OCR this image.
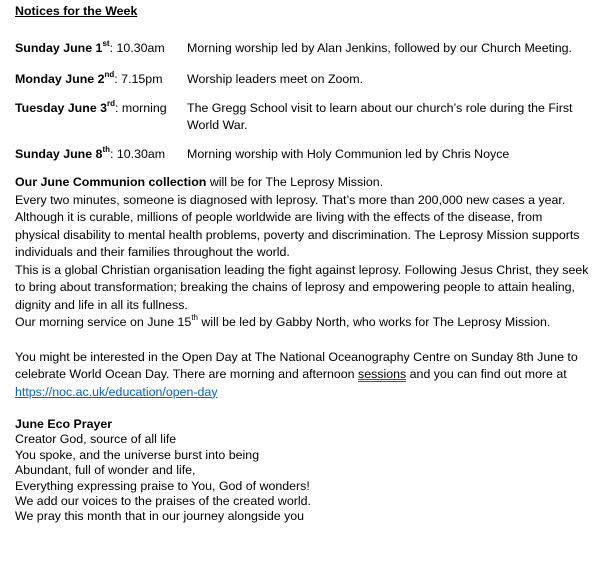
Notices for the Week

Sunday June 1st: 10.30am	Morning worship led by Alan Jenkins, followed by our Church Meeting.
Monday June 2nd: 7.15pm	Worship leaders meet on Zoom.
Tuesday June 3rd: morning	The Gregg School visit to learn about our church’s role during the First World War.
Sunday June 8th: 10.30am	Morning worship with Holy Communion led by Chris Noyce

Our June Communion collection will be for The Leprosy Mission.

Every two minutes, someone is diagnosed with leprosy. That’s more than 200,000 new cases a year. Although it is curable, millions of people worldwide are living with the effects of the disease, from physical disability to mental health problems, poverty and discrimination. The Leprosy Mission supports individuals and their families throughout the world.

This is a global Christian organisation leading the fight against leprosy. Following Jesus Christ, they seek to bring about transformation; breaking the chains of leprosy and empowering people to attain healing, dignity and life in all its fullness.

Our morning service on June 15th will be led by Gabby North, who works for The Leprosy Mission.

You might be interested in the Open Day at The National Oceanography Centre on Sunday 8th June to celebrate World Ocean Day. There are morning and afternoon sessions and you can find out more at https://noc.ac.uk/education/open-day

June Eco Prayer

Creator God, source of all life

You spoke, and the universe burst into being

Abundant, full of wonder and life,

Everything expressing praise to You, God of wonders!

We add our voices to the praises of the created world.

We pray this month that in our journey alongside you
